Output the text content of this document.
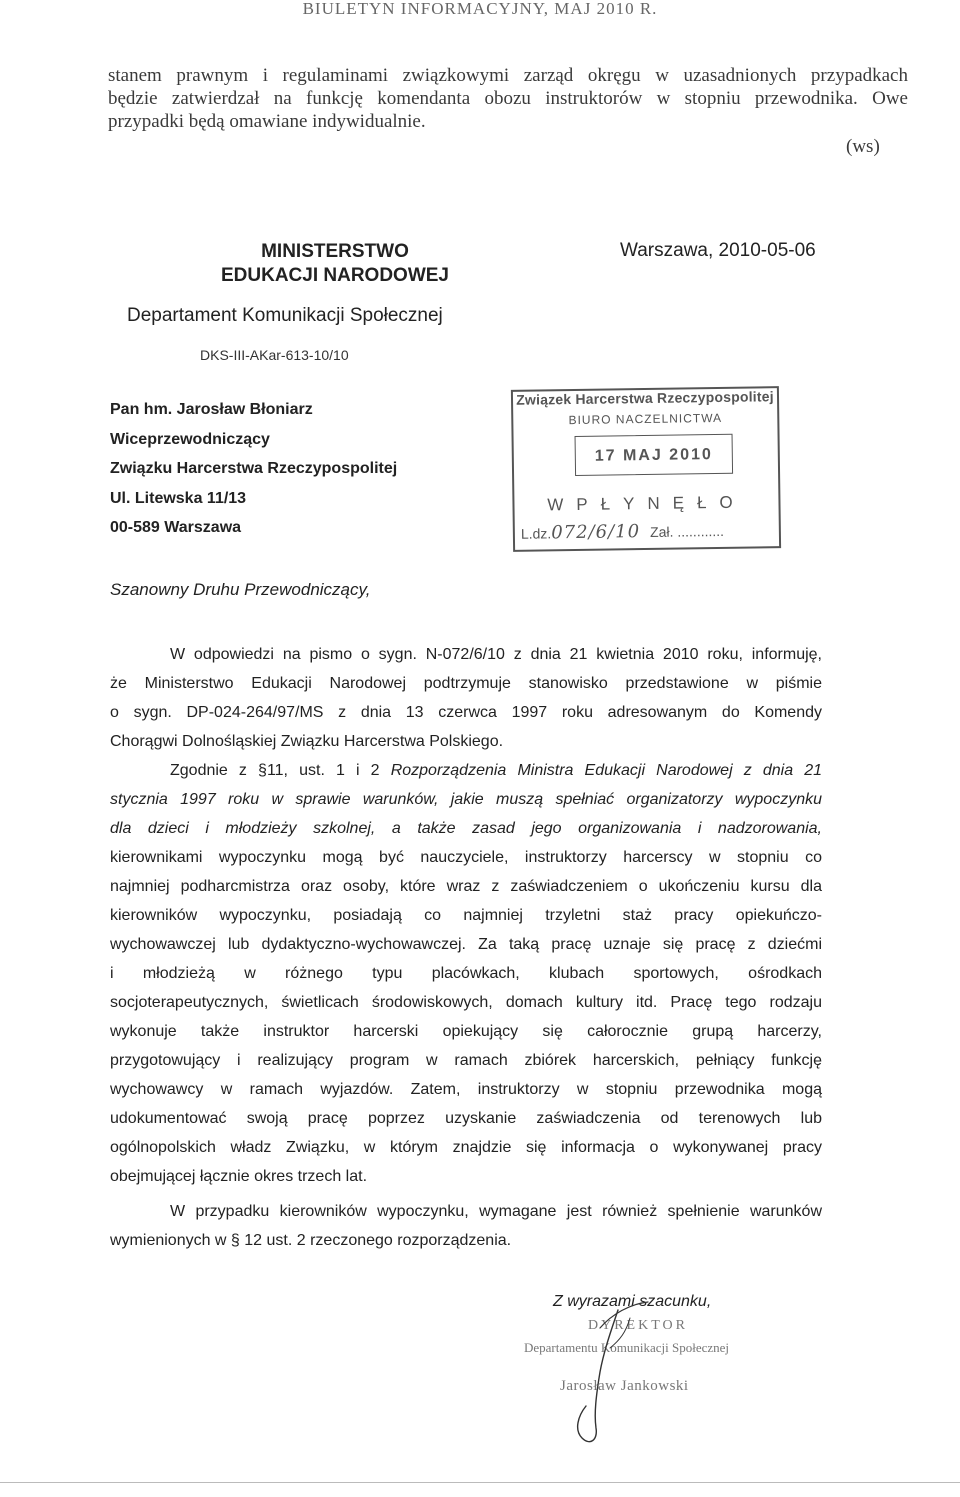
BIULETYN INFORMACYJNY, MAJ 2010 R.
stanem prawnym i regulaminami związkowymi zarząd okręgu w uzasadnionych przypadkach
będzie zatwierdzał na funkcję komendanta obozu instruktorów w stopniu przewodnika. Owe
przypadki będą omawiane indywidualnie.
(ws)
MINISTERSTWO
EDUKACJI NARODOWEJ
Warszawa, 2010-05-06
Departament Komunikacji Społecznej
DKS-III-AKar-613-10/10
Pan hm. Jarosław Błoniarz
Wiceprzewodniczący
Związku Harcerstwa Rzeczypospolitej
Ul. Litewska 11/13
00-589 Warszawa
Związek Harcerstwa Rzeczypospolitej
BIURO NACZELNICTWA
17 MAJ 2010
WPŁYNĘŁO
L.dz.072/6/10 Zał. ............
Szanowny Druhu Przewodniczący,
W odpowiedzi na pismo o sygn. N-072/6/10 z dnia 21 kwietnia 2010 roku, informuję,
że Ministerstwo Edukacji Narodowej podtrzymuje stanowisko przedstawione w piśmie
o sygn. DP-024-264/97/MS z dnia 13 czerwca 1997 roku adresowanym do Komendy
Chorągwi Dolnośląskiej Związku Harcerstwa Polskiego.
Zgodnie z §11, ust. 1 i 2 Rozporządzenia Ministra Edukacji Narodowej z dnia 21
stycznia 1997 roku w sprawie warunków, jakie muszą spełniać organizatorzy wypoczynku
dla dzieci i młodzieży szkolnej, a także zasad jego organizowania i nadzorowania,
kierownikami wypoczynku mogą być nauczyciele, instruktorzy harcerscy w stopniu co
najmniej podharcmistrza oraz osoby, które wraz z zaświadczeniem o ukończeniu kursu dla
kierowników wypoczynku, posiadają co najmniej trzyletni staż pracy opiekuńczo-
wychowawczej lub dydaktyczno-wychowawczej. Za taką pracę uznaje się pracę z dziećmi
i młodzieżą w różnego typu placówkach, klubach sportowych, ośrodkach
socjoterapeutycznych, świetlicach środowiskowych, domach kultury itd. Pracę tego rodzaju
wykonuje także instruktor harcerski opiekujący się całorocznie grupą harcerzy,
przygotowujący i realizujący program w ramach zbiórek harcerskich, pełniący funkcję
wychowawcy w ramach wyjazdów. Zatem, instruktorzy w stopniu przewodnika mogą
udokumentować swoją pracę poprzez uzyskanie zaświadczenia od terenowych lub
ogólnopolskich władz Związku, w którym znajdzie się informacja o wykonywanej pracy
obejmującej łącznie okres trzech lat.
W przypadku kierowników wypoczynku, wymagane jest również spełnienie warunków
wymienionych w § 12 ust. 2 rzeczonego rozporządzenia.
Z wyrazami szacunku,
DYREKTOR
Departamentu Komunikacji Społecznej
Jarosław Jankowski
